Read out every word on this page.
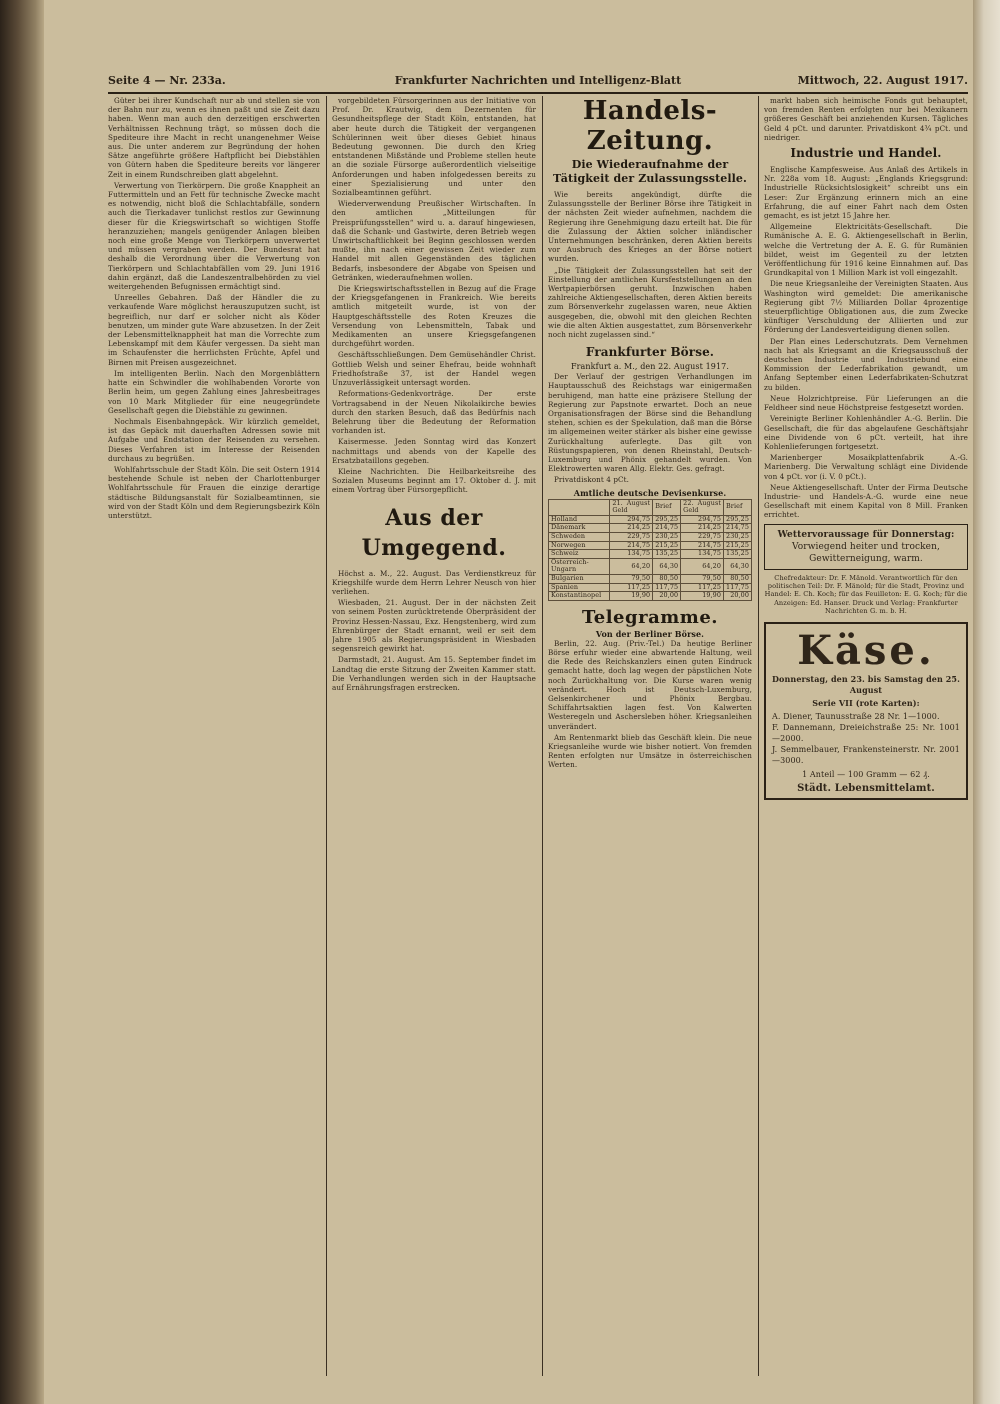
Seite 4 — Nr. 233a.	Frankfurter Nachrichten und Intelligenz-Blatt	Mittwoch, 22. August 1917.

Güter bei ihrer Kundschaft nur ab und stellen sie von der Bahn nur zu, wenn es ihnen paßt und sie Zeit dazu haben. Wenn man auch den derzeitigen erschwerten Verhältnissen Rechnung trägt, so müssen doch die Spediteure ihre Macht in recht unangenehmer Weise aus. Die unter anderem zur Begründung der hohen Sätze angeführte größere Haftpflicht bei Diebstählen von Gütern haben die Spediteure bereits vor längerer Zeit in einem Rundschreiben glatt abgelehnt.

Verwertung von Tierkörpern. Die große Knappheit an Futtermitteln und an Fett für technische Zwecke macht es notwendig, nicht bloß die Schlachtabfälle, sondern auch die Tierkadaver tunlichst restlos zur Gewinnung dieser für die Kriegswirtschaft so wichtigen Stoffe heranzuziehen; mangels genügender Anlagen bleiben noch eine große Menge von Tierkörpern unverwertet und müssen vergraben werden. Der Bundesrat hat deshalb die Verordnung über die Verwertung von Tierkörpern und Schlachtabfällen vom 29. Juni 1916 dahin ergänzt, daß die Landeszentralbehörden zu viel weitergehenden Befugnissen ermächtigt sind.

Unreelles Gebahren. Daß der Händler die zu verkaufende Ware möglichst herauszuputzen sucht, ist begreiflich, nur darf er solcher nicht als Köder benutzen, um minder gute Ware abzusetzen. In der Zeit der Lebensmittelknappheit hat man die Vorrechte zum Lebenskampf mit dem Käufer vergessen. Da sieht man im Schaufenster die herrlichsten Früchte, Apfel und Birnen mit Preisen ausgezeichnet.

Im intelligenten Berlin. Nach den Morgenblättern hatte ein Schwindler die wohlhabenden Vororte von Berlin heim, um gegen Zahlung eines Jahresbeitrages von 10 Mark Mitglieder für eine neugegründete Gesellschaft gegen die Diebstähle zu gewinnen.

Nochmals Eisenbahngepäck. Wir kürzlich gemeldet, ist das Gepäck mit dauerhaften Adressen sowie mit Aufgabe und Endstation der Reisenden zu versehen. Dieses Verfahren ist im Interesse der Reisenden durchaus zu begrüßen.

Wohlfahrtsschule der Stadt Köln. Die seit Ostern 1914 bestehende Schule ist neben der Charlottenburger Wohlfahrtsschule für Frauen die einzige derartige städtische Bildungsanstalt für Sozialbeamtinnen, sie wird von der Stadt Köln und dem Regierungsbezirk Köln unterstützt.

vorgebildeten Fürsorgerinnen aus der Initiative von Prof. Dr. Krautwig, dem Dezernenten für Gesundheitspflege der Stadt Köln, entstanden, hat aber heute durch die Tätigkeit der vergangenen Schülerinnen weit über dieses Gebiet hinaus Bedeutung gewonnen. Die durch den Krieg entstandenen Mißstände und Probleme stellen heute an die soziale Fürsorge außerordentlich vielseitige Anforderungen und haben infolgedessen bereits zu einer Spezialisierung und unter den Sozialbeamtinnen geführt.

Wiederverwendung Preußischer Wirtschaften. In den amtlichen „Mitteilungen für Preisprüfungsstellen“ wird u. a. darauf hingewiesen, daß die Schank- und Gastwirte, deren Betrieb wegen Unwirtschaftlichkeit bei Beginn geschlossen werden mußte, ihn nach einer gewissen Zeit wieder zum Handel mit allen Gegenständen des täglichen Bedarfs, insbesondere der Abgabe von Speisen und Getränken, wiederaufnehmen wollen.

Die Kriegswirtschaftsstellen in Bezug auf die Frage der Kriegsgefangenen in Frankreich. Wie bereits amtlich mitgeteilt wurde, ist von der Hauptgeschäftsstelle des Roten Kreuzes die Versendung von Lebensmitteln, Tabak und Medikamenten an unsere Kriegsgefangenen durchgeführt worden.

Geschäftsschließungen. Dem Gemüsehändler Christ. Gottlieb Welsh und seiner Ehefrau, beide wohnhaft Friedhofstraße 37, ist der Handel wegen Unzuverlässigkeit untersagt worden.

Reformations-Gedenkvorträge. Der erste Vortragsabend in der Neuen Nikolaikirche bewies durch den starken Besuch, daß das Bedürfnis nach Belehrung über die Bedeutung der Reformation vorhanden ist.

Kaisermesse. Jeden Sonntag wird das Konzert nachmittags und abends von der Kapelle des Ersatzbataillons gegeben.

Kleine Nachrichten. Die Heilbarkeitsreihe des Sozialen Museums beginnt am 17. Oktober d. J. mit einem Vortrag über Fürsorgepflicht.

Aus der Umgegend.

Höchst a. M., 22. August. Das Verdienstkreuz für Kriegshilfe wurde dem Herrn Lehrer Neusch von hier verliehen.

Wiesbaden, 21. August. Der in der nächsten Zeit von seinem Posten zurücktretende Oberpräsident der Provinz Hessen-Nassau, Exz. Hengstenberg, wird zum Ehrenbürger der Stadt ernannt, weil er seit dem Jahre 1905 als Regierungspräsident in Wiesbaden segensreich gewirkt hat.

Darmstadt, 21. August. Am 15. September findet im Landtag die erste Sitzung der Zweiten Kammer statt. Die Verhandlungen werden sich in der Hauptsache auf Ernährungsfragen erstrecken.

Handels-Zeitung.
Die Wiederaufnahme der Tätigkeit der Zulassungsstelle.

Wie bereits angekündigt, dürfte die Zulassungsstelle der Berliner Börse ihre Tätigkeit in der nächsten Zeit wieder aufnehmen, nachdem die Regierung ihre Genehmigung dazu erteilt hat. Die für die Zulassung der Aktien solcher inländischer Unternehmungen beschränken, deren Aktien bereits vor Ausbruch des Krieges an der Börse notiert wurden.

„Die Tätigkeit der Zulassungsstellen hat seit der Einstellung der amtlichen Kursfeststellungen an den Wertpapierbörsen geruht. Inzwischen haben zahlreiche Aktiengesellschaften, deren Aktien bereits zum Börsenverkehr zugelassen waren, neue Aktien ausgegeben, die, obwohl mit den gleichen Rechten wie die alten Aktien ausgestattet, zum Börsenverkehr noch nicht zugelassen sind.“

Frankfurter Börse.
Frankfurt a. M., den 22. August 1917.

Der Verlauf der gestrigen Verhandlungen im Hauptausschuß des Reichstags war einigermaßen beruhigend, man hatte eine präzisere Stellung der Regierung zur Papstnote erwartet. Doch an neue Organisationsfragen der Börse sind die Behandlung stehen, schien es der Spekulation, daß man die Börse im allgemeinen weiter stärker als bisher eine gewisse Zurückhaltung auferlegte. Das gilt von Rüstungspapieren, von denen Rheinstahl, Deutsch-Luxemburg und Phönix gehandelt wurden. Von Elektrowerten waren Allg. Elektr. Ges. gefragt.

Privatdiskont 4 pCt.

Amtliche deutsche Devisenkurse.
	21. August Geld	Brief	22. August Geld	Brief
Holland	294,75	295,25	294,75	295,25
Dänemark	214,25	214,75	214,25	214,75
Schweden	229,75	230,25	229,75	230,25
Norwegen	214,75	215,25	214,75	215,25
Schweiz	134,75	135,25	134,75	135,25
Österreich-Ungarn	64,20	64,30	64,20	64,30
Bulgarien	79,50	80,50	79,50	80,50
Spanien	117,25	117,75	117,25	117,75
Konstantinopel	19,90	20,00	19,90	20,00
Telegramme.
Von der Berliner Börse.

Berlin, 22. Aug. (Priv.-Tel.) Da heutige Berliner Börse erfuhr wieder eine abwartende Haltung, weil die Rede des Reichskanzlers einen guten Eindruck gemacht hatte, doch lag wegen der päpstlichen Note noch Zurückhaltung vor. Die Kurse waren wenig verändert. Hoch ist Deutsch-Luxemburg, Gelsenkirchener und Phönix Bergbau. Schiffahrtsaktien lagen fest. Von Kalwerten Westeregeln und Aschersleben höher. Kriegsanleihen unverändert.

Am Rentenmarkt blieb das Geschäft klein. Die neue Kriegsanleihe wurde wie bisher notiert. Von fremden Renten erfolgten nur Umsätze in österreichischen Werten.

markt haben sich heimische Fonds gut behauptet, von fremden Renten erfolgten nur bei Mexikanern größeres Geschäft bei anziehenden Kursen. Tägliches Geld 4 pCt. und darunter. Privatdiskont 4¾ pCt. und niedriger.

Industrie und Handel.

Englische Kampfesweise. Aus Anlaß des Artikels in Nr. 228a vom 18. August: „Englands Kriegsgrund: Industrielle Rücksichtslosigkeit“ schreibt uns ein Leser: Zur Ergänzung erinnern mich an eine Erfahrung, die auf einer Fahrt nach dem Osten gemacht, es ist jetzt 15 Jahre her.

Allgemeine Elektricitäts-Gesellschaft. Die Rumänische A. E. G. Aktiengesellschaft in Berlin, welche die Vertretung der A. E. G. für Rumänien bildet, weist im Gegenteil zu der letzten Veröffentlichung für 1916 keine Einnahmen auf. Das Grundkapital von 1 Million Mark ist voll eingezahlt.

Die neue Kriegsanleihe der Vereinigten Staaten. Aus Washington wird gemeldet: Die amerikanische Regierung gibt 7½ Milliarden Dollar 4prozentige steuerpflichtige Obligationen aus, die zum Zwecke künftiger Verschuldung der Alliierten und zur Förderung der Landesverteidigung dienen sollen.

Der Plan eines Lederschutzrats. Dem Vernehmen nach hat als Kriegsamt an die Kriegsausschuß der deutschen Industrie und Industriebund eine Kommission der Lederfabrikation gewandt, um Anfang September einen Lederfabrikaten-Schutzrat zu bilden.

Neue Holzrichtpreise. Für Lieferungen an die Feldheer sind neue Höchstpreise festgesetzt worden.

Vereinigte Berliner Kohlenhändler A.-G. Berlin. Die Gesellschaft, die für das abgelaufene Geschäftsjahr eine Dividende von 6 pCt. verteilt, hat ihre Kohlenlieferungen fortgesetzt.

Marienberger Mosaikplattenfabrik A.-G. Marienberg. Die Verwaltung schlägt eine Dividende von 4 pCt. vor (i. V. 0 pCt.).

Neue Aktiengesellschaft. Unter der Firma Deutsche Industrie- und Handels-A.-G. wurde eine neue Gesellschaft mit einem Kapital von 8 Mill. Franken errichtet.

Wettervoraussage für Donnerstag:
Vorwiegend heiter und trocken, Gewitterneigung, warm.

Chefredakteur: Dr. F. Mänold. Verantwortlich für den politischen Teil: Dr. F. Mänold; für die Stadt, Provinz und Handel: E. Ch. Koch; für das Feuilleton: E. G. Koch; für die Anzeigen: Ed. Hanser. Druck und Verlag: Frankfurter Nachrichten G. m. b. H.

Käse.
Donnerstag, den 23. bis Samstag den 25. August
Serie VII (rote Karten):
A. Diener, Taunusstraße 28 Nr. 1—1000.
F. Dannemann, Dreieichstraße 25: Nr. 1001—2000.
J. Semmelbauer, Frankensteinerstr. Nr. 2001—3000.
1 Anteil — 100 Gramm — 62 ₰.
Städt. Lebensmittelamt.
